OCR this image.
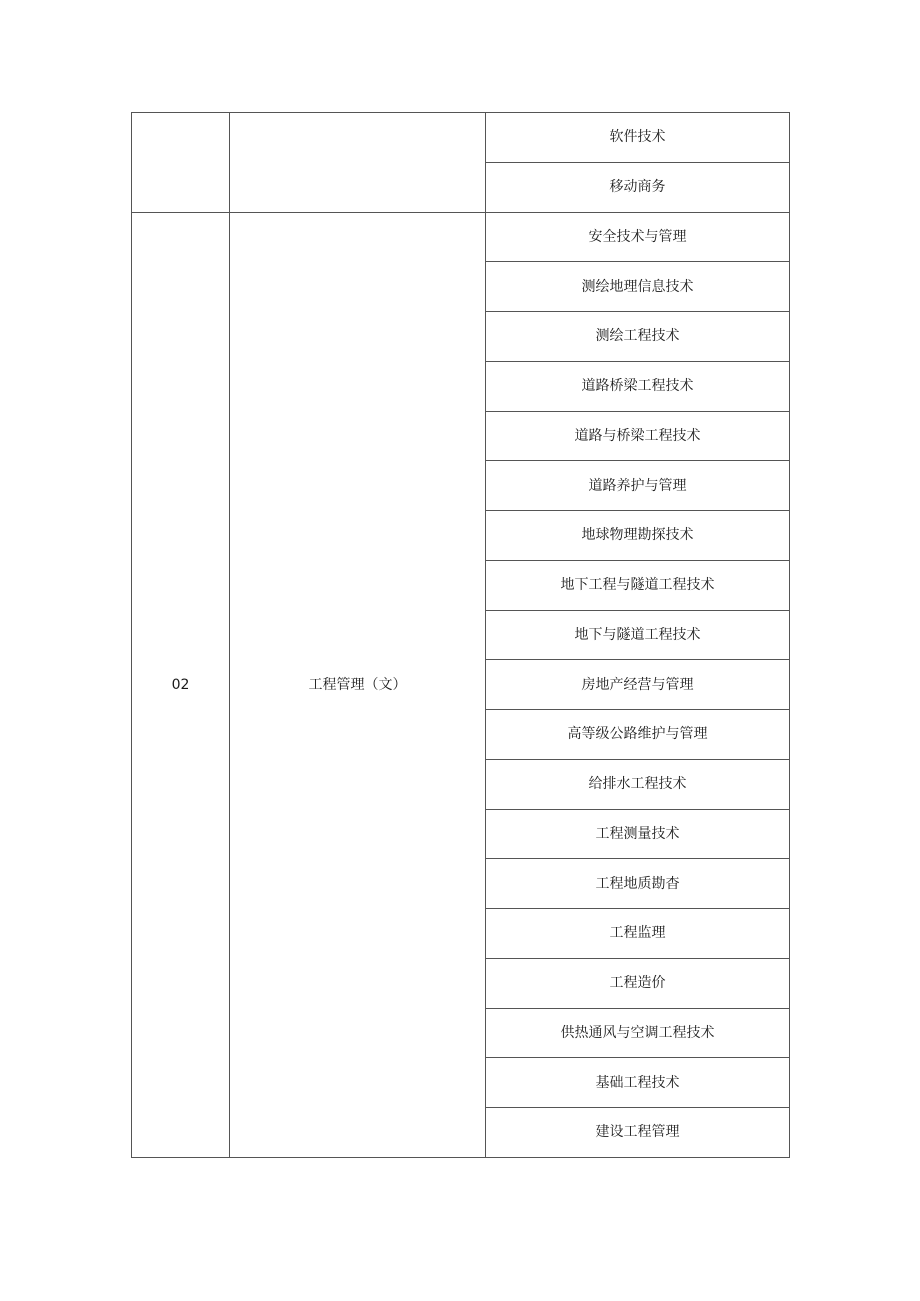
		软件技术
		移动商务
02	工程管理（文）	安全技术与管理
		测绘地理信息技术
		测绘工程技术
		道路桥梁工程技术
		道路与桥梁工程技术
		道路养护与管理
		地球物理勘探技术
		地下工程与隧道工程技术
		地下与隧道工程技术
		房地产经营与管理
		高等级公路维护与管理
		给排水工程技术
		工程测量技术
		工程地质勘杳
		工程监理
		工程造价
		供热通风与空调工程技术
		基础工程技术
		建设工程管理
